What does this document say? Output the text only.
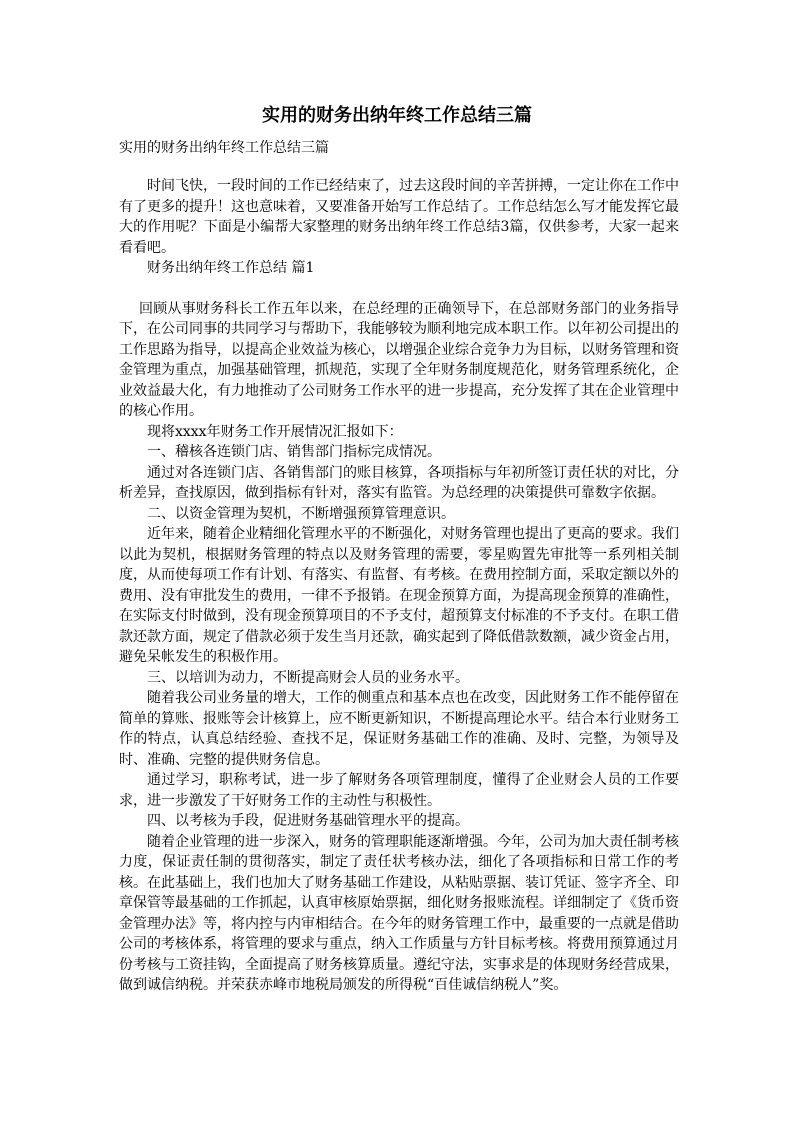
实用的财务出纳年终工作总结三篇
实用的财务出纳年终工作总结三篇

时间飞快，一段时间的工作已经结束了，过去这段时间的辛苦拼搏，一定让你在工作中有了更多的提升！这也意味着，又要准备开始写工作总结了。工作总结怎么写才能发挥它最大的作用呢？下面是小编帮大家整理的财务出纳年终工作总结3篇，仅供参考，大家一起来看看吧。

财务出纳年终工作总结 篇1

回顾从事财务科长工作五年以来，在总经理的正确领导下，在总部财务部门的业务指导下，在公司同事的共同学习与帮助下，我能够较为顺利地完成本职工作。以年初公司提出的工作思路为指导，以提高企业效益为核心，以增强企业综合竞争力为目标，以财务管理和资金管理为重点，加强基础管理，抓规范，实现了全年财务制度规范化，财务管理系统化，企业效益最大化，有力地推动了公司财务工作水平的进一步提高，充分发挥了其在企业管理中的核心作用。

现将xxxx年财务工作开展情况汇报如下：

一、稽核各连锁门店、销售部门指标完成情况。

通过对各连锁门店、各销售部门的账目核算，各项指标与年初所签订责任状的对比，分析差异，查找原因，做到指标有针对，落实有监管。为总经理的决策提供可靠数字依据。

二、以资金管理为契机，不断增强预算管理意识。

近年来，随着企业精细化管理水平的不断强化，对财务管理也提出了更高的要求。我们以此为契机，根据财务管理的特点以及财务管理的需要，零星购置先审批等一系列相关制度，从而使每项工作有计划、有落实、有监督、有考核。在费用控制方面，采取定额以外的费用、没有审批发生的费用，一律不予报销。在现金预算方面，为提高现金预算的准确性，在实际支付时做到，没有现金预算项目的不予支付，超预算支付标准的不予支付。在职工借款还款方面，规定了借款必须于发生当月还款，确实起到了降低借款数额，减少资金占用，避免呆帐发生的积极作用。

三、以培训为动力，不断提高财会人员的业务水平。

随着我公司业务量的增大，工作的侧重点和基本点也在改变，因此财务工作不能停留在简单的算账、报账等会计核算上，应不断更新知识，不断提高理论水平。结合本行业财务工作的特点，认真总结经验、查找不足，保证财务基础工作的准确、及时、完整，为领导及时、准确、完整的提供财务信息。

通过学习，职称考试，进一步了解财务各项管理制度，懂得了企业财会人员的工作要求，进一步激发了干好财务工作的主动性与积极性。

四、以考核为手段，促进财务基础管理水平的提高。

随着企业管理的进一步深入，财务的管理职能逐渐增强。今年，公司为加大责任制考核力度，保证责任制的贯彻落实，制定了责任状考核办法，细化了各项指标和日常工作的考核。在此基础上，我们也加大了财务基础工作建设，从粘贴票据、装订凭证、签字齐全、印章保管等最基础的工作抓起，认真审核原始票据，细化财务报账流程。详细制定了《货币资金管理办法》等，将内控与内审相结合。在今年的财务管理工作中，最重要的一点就是借助公司的考核体系，将管理的要求与重点，纳入工作质量与方针目标考核。将费用预算通过月份考核与工资挂钩，全面提高了财务核算质量。遵纪守法，实事求是的体现财务经营成果，做到诚信纳税。并荣获赤峰市地税局颁发的所得税“百佳诚信纳税人”奖。
